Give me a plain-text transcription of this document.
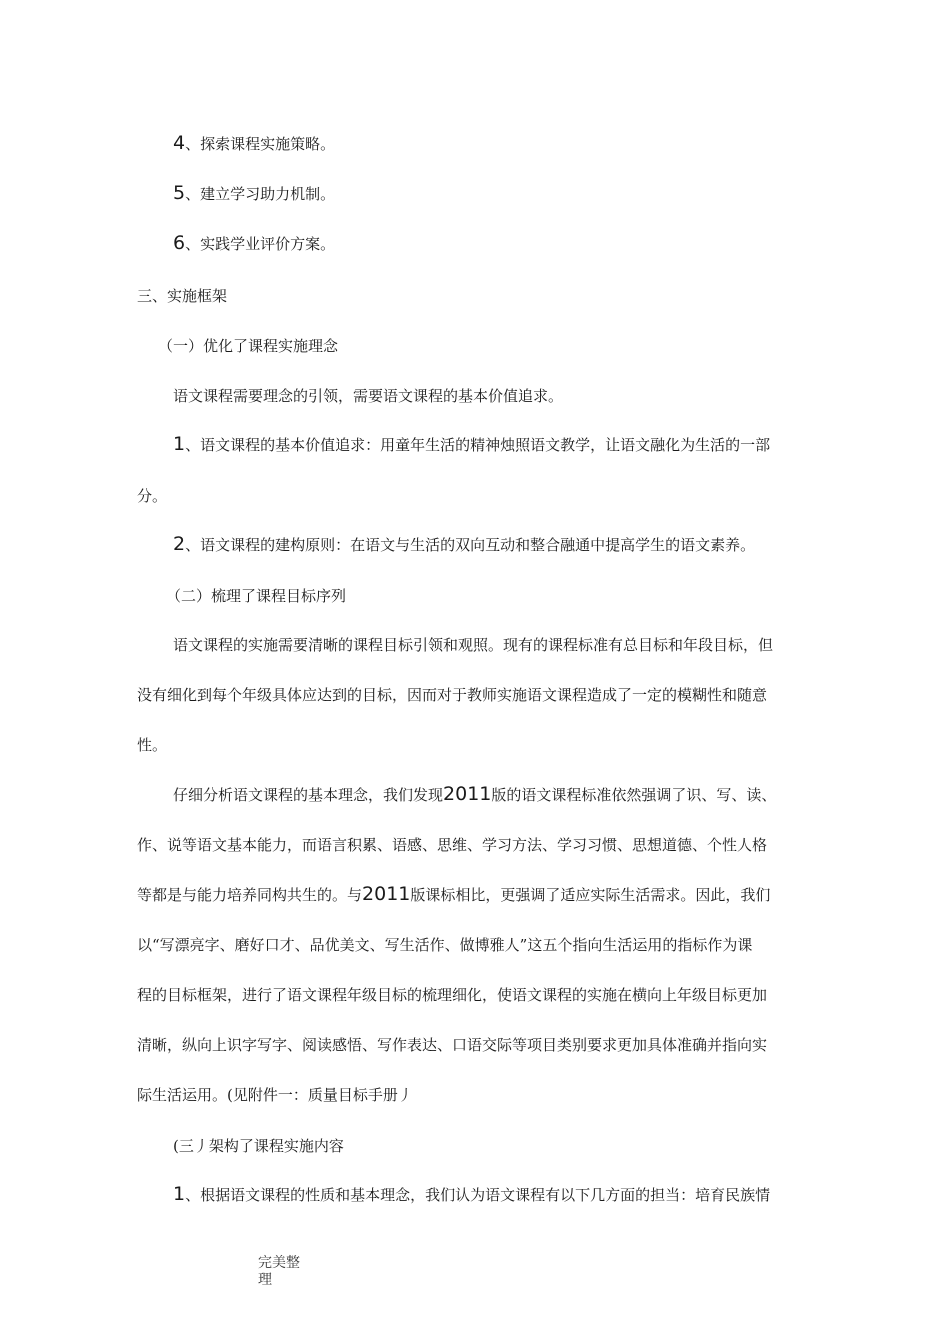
4、探索课程实施策略。
5、建立学习助力机制。
6、实践学业评价方案。
三、实施框架
（一）优化了课程实施理念
语文课程需要理念的引领，需要语文课程的基本价值追求。
1、语文课程的基本价值追求：用童年生活的精神烛照语文教学，让语文融化为生活的一部
分。
2、语文课程的建构原则：在语文与生活的双向互动和整合融通中提高学生的语文素养。
（二）梳理了课程目标序列
语文课程的实施需要清晰的课程目标引领和观照。现有的课程标准有总目标和年段目标，但
没有细化到每个年级具体应达到的目标，因而对于教师实施语文课程造成了一定的模糊性和随意
性。
仔细分析语文课程的基本理念，我们发现2011版的语文课程标准依然强调了识、写、读、
作、说等语文基本能力，而语言积累、语感、思维、学习方法、学习习惯、思想道德、个性人格
等都是与能力培养同构共生的。与2011版课标相比，更强调了适应实际生活需求。因此，我们
以“写漂亮字、磨好口才、品优美文、写生活作、做博雅人”这五个指向生活运用的指标作为课
程的目标框架，进行了语文课程年级目标的梳理细化，使语文课程的实施在横向上年级目标更加
清晰，纵向上识字写字、阅读感悟、写作表达、口语交际等项目类别要求更加具体准确并指向实
际生活运用。(见附件一：质量目标手册丿
(三丿架构了课程实施内容
1、根据语文课程的性质和基本理念，我们认为语文课程有以下几方面的担当：培育民族情
完美整
理
